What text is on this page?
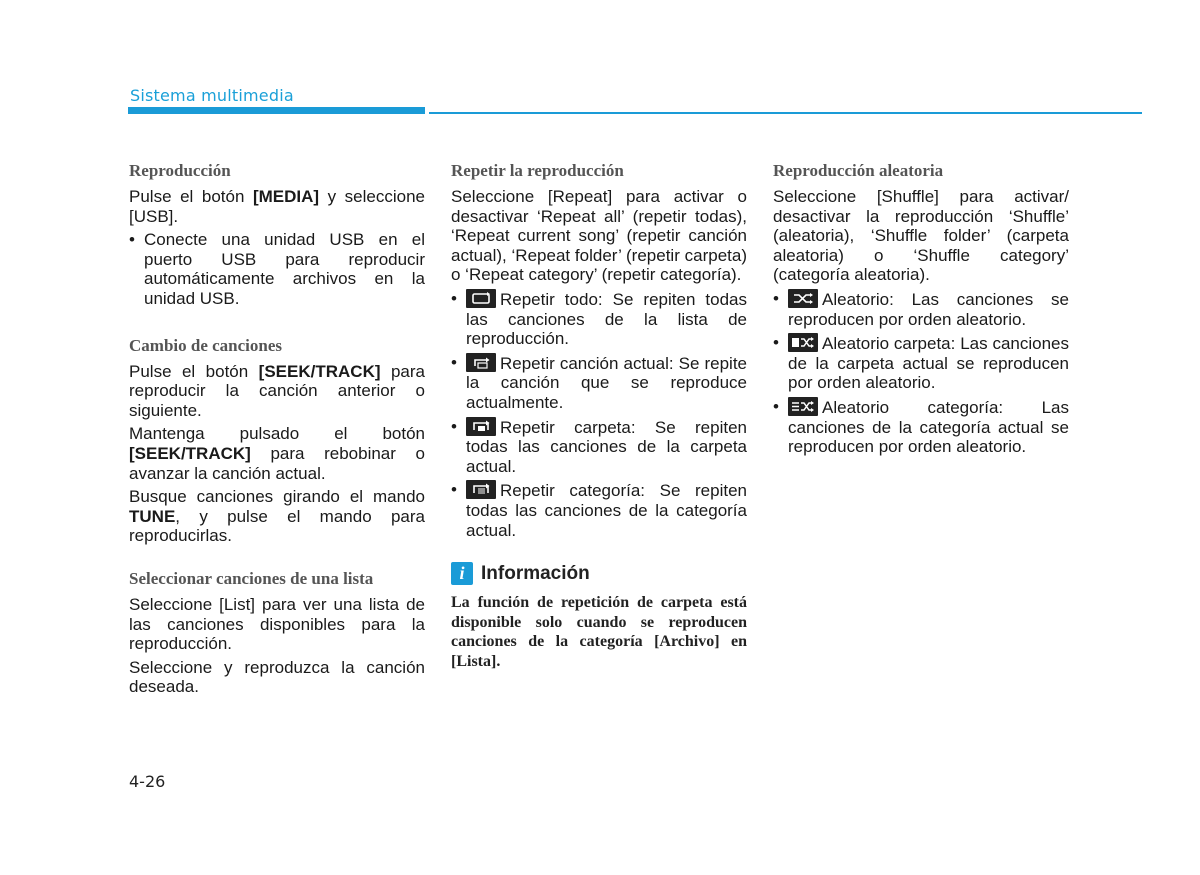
Sistema multimedia
Reproducción

Pulse el botón [MEDIA] y seleccione [USB].

• Conecte una unidad USB en el puerto USB para reproducir automáticamente archivos en la unidad USB.
Cambio de canciones

Pulse el botón [SEEK/TRACK] para reproducir la canción anterior o siguiente.

Mantenga pulsado el botón [SEEK/TRACK] para rebobinar o avanzar la canción actual.

Busque canciones girando el mando TUNE, y pulse el mando para reproducirlas.

Seleccionar canciones de una lista

Seleccione [List] para ver una lista de las canciones disponibles para la reproducción.

Seleccione y reproduzca la canción deseada.

Repetir la reproducción

Seleccione [Repeat] para activar o desactivar ‘Repeat all’ (repetir todas), ‘Repeat current song’ (repetir canción actual), ‘Repeat folder’ (repetir carpeta) o ‘Repeat category’ (repetir categoría).

•	Repetir todo: Se repiten todas las canciones de la lista de reproducción.
•	Repetir canción actual: Se repite la canción que se reproduce actualmente.
•	Repetir carpeta: Se repiten todas las canciones de la carpeta actual.
•	Repetir categoría: Se repiten todas las canciones de la categoría actual.
i Información

La función de repetición de carpeta está disponible solo cuando se reproducen canciones de la categoría [Archivo] en [Lista].

Reproducción aleatoria

Seleccione [Shuffle] para activar/ desactivar la reproducción ‘Shuffle’ (aleatoria), ‘Shuffle folder’ (carpeta aleatoria) o ‘Shuffle category’ (categoría aleatoria).

•	Aleatorio: Las canciones se reproducen por orden aleatorio.
•	Aleatorio carpeta: Las canciones de la carpeta actual se reproducen por orden aleatorio.
•	Aleatorio categoría: Las canciones de la categoría actual se reproducen por orden aleatorio.
4-26
